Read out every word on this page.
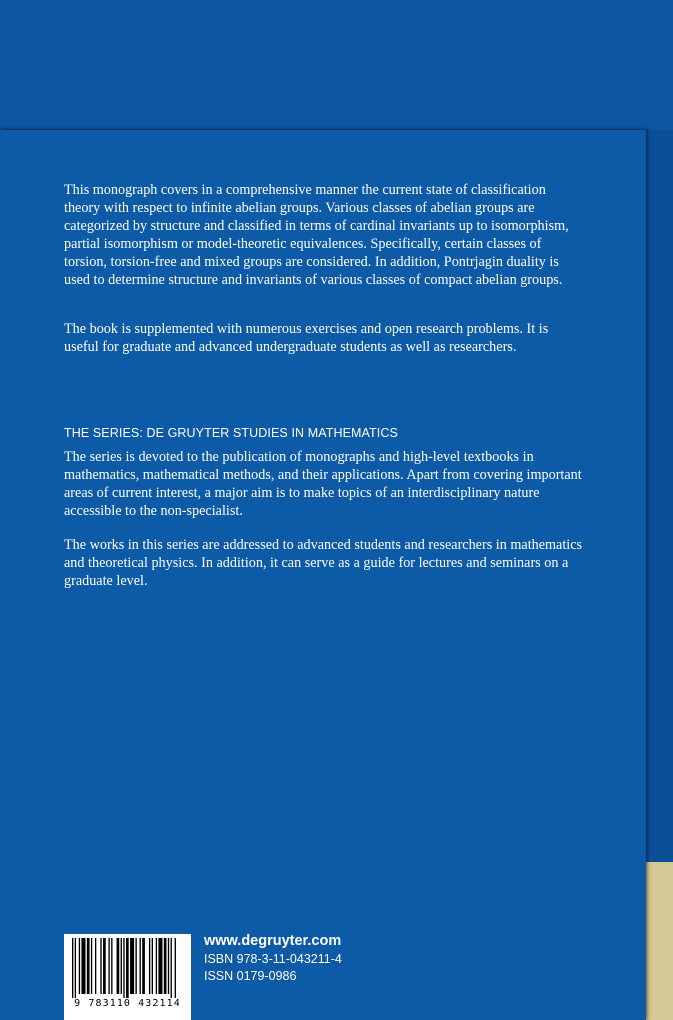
This monograph covers in a comprehensive manner the current state of classification theory with respect to infinite abelian groups. Various classes of abelian groups are categorized by structure and classified in terms of cardinal invariants up to isomorphism, partial isomorphism or model-theoretic equivalences. Specifically, certain classes of torsion, torsion-free and mixed groups are considered. In addition, Pontrjagin duality is used to determine structure and invariants of various classes of compact abelian groups.

The book is supplemented with numerous exercises and open research problems. It is useful for graduate and advanced undergraduate students as well as researchers.

THE SERIES: DE GRUYTER STUDIES IN MATHEMATICS

The series is devoted to the publication of monographs and high-level textbooks in mathematics, mathematical methods, and their applications. Apart from covering important areas of current interest, a major aim is to make topics of an interdisciplinary nature accessible to the non-specialist.

The works in this series are addressed to advanced students and researchers in mathematics and theoretical physics. In addition, it can serve as a guide for lectures and seminars on a graduate level.

9 783110 432114
www.degruyter.com
ISBN 978-3-11-043211-4
ISSN 0179-0986
